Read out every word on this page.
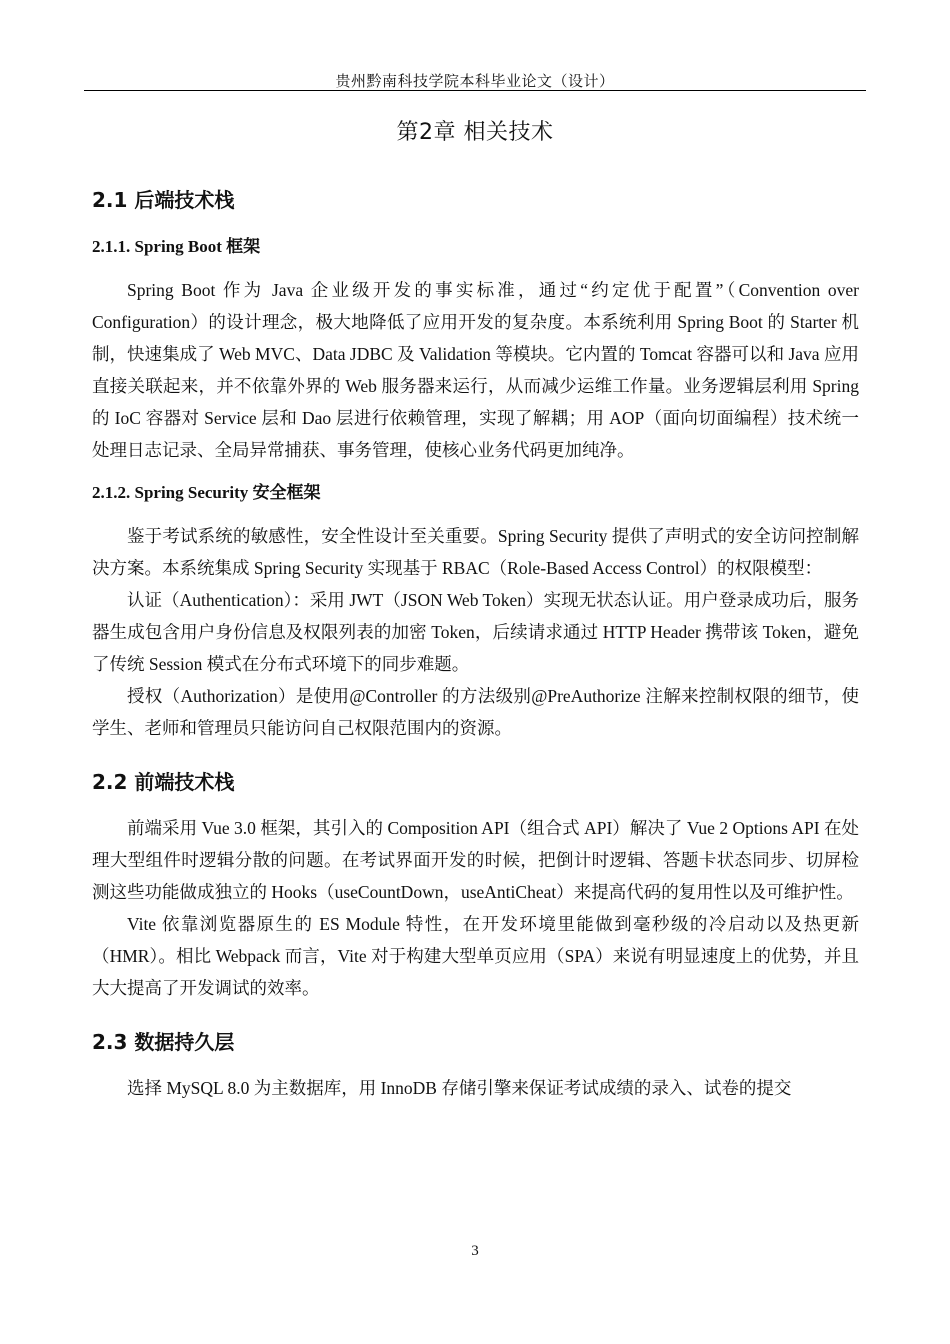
贵州黔南科技学院本科毕业论文（设计）
第2章 相关技术
2.1 后端技术栈
2.1.1. Spring Boot 框架

Spring Boot 作为 Java 企业级开发的事实标准，通过“约定优于配置”（Convention over Configuration）的设计理念，极大地降低了应用开发的复杂度。本系统利用 Spring Boot 的 Starter 机制，快速集成了 Web MVC、Data JDBC 及 Validation 等模块。它内置的 Tomcat 容器可以和 Java 应用直接关联起来，并不依靠外界的 Web 服务器来运行，从而减少运维工作量。业务逻辑层利用 Spring 的 IoC 容器对 Service 层和 Dao 层进行依赖管理，实现了解耦；用 AOP（面向切面编程）技术统一处理日志记录、全局异常捕获、事务管理，使核心业务代码更加纯净。

2.1.2. Spring Security 安全框架

鉴于考试系统的敏感性，安全性设计至关重要。Spring Security 提供了声明式的安全访问控制解决方案。本系统集成 Spring Security 实现基于 RBAC（Role-Based Access Control）的权限模型：

认证（Authentication）：采用 JWT（JSON Web Token）实现无状态认证。用户登录成功后，服务器生成包含用户身份信息及权限列表的加密 Token，后续请求通过 HTTP Header 携带该 Token，避免了传统 Session 模式在分布式环境下的同步难题。

授权（Authorization）是使用@Controller 的方法级别@PreAuthorize 注解来控制权限的细节，使学生、老师和管理员只能访问自己权限范围内的资源。

2.2 前端技术栈

前端采用 Vue 3.0 框架，其引入的 Composition API（组合式 API）解决了 Vue 2 Options API 在处理大型组件时逻辑分散的问题。在考试界面开发的时候，把倒计时逻辑、答题卡状态同步、切屏检测这些功能做成独立的 Hooks（useCountDown，useAntiCheat）来提高代码的复用性以及可维护性。

Vite 依靠浏览器原生的 ES Module 特性，在开发环境里能做到毫秒级的冷启动以及热更新（HMR）。相比 Webpack 而言，Vite 对于构建大型单页应用（SPA）来说有明显速度上的优势，并且大大提高了开发调试的效率。

2.3 数据持久层

选择 MySQL 8.0 为主数据库，用 InnoDB 存储引擎来保证考试成绩的录入、试卷的提交

3
